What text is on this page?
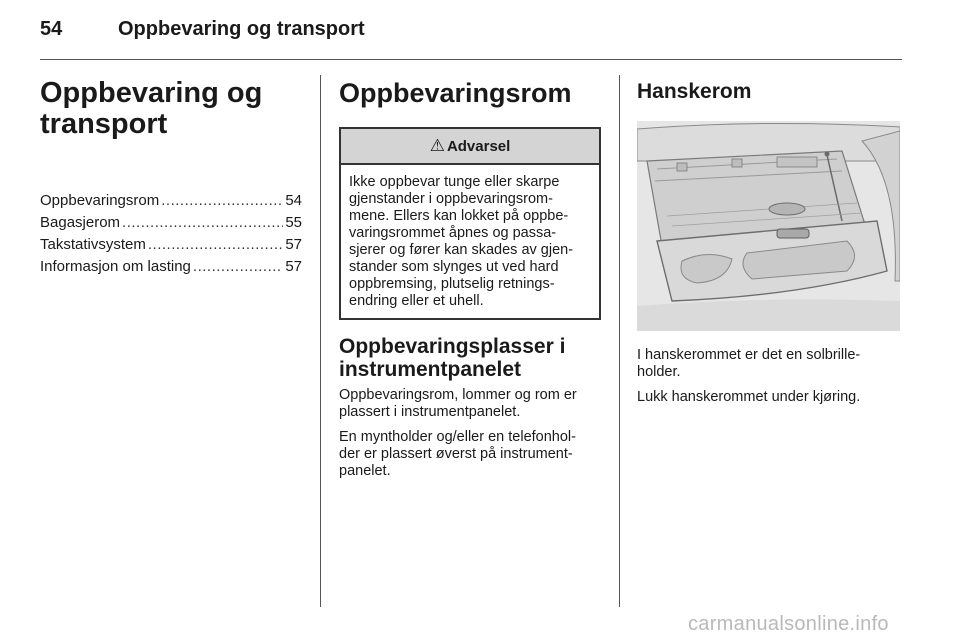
54	Oppbevaring og transport
Oppbevaring og
transport
Oppbevaringsrom .....	54
Bagasjerom .....	55
Takstativsystem .....	57
Informasjon om lasting .....	57
Oppbevaringsrom
⚠ Advarsel
Ikke oppbevar tunge eller skarpe
gjenstander i oppbevaringsrom-
mene. Ellers kan lokket på oppbe-
varingsrommet åpnes og passa-
sjerer og fører kan skades av gjen-
stander som slynges ut ved hard
oppbremsing, plutselig retnings-
endring eller et uhell.
Oppbevaringsplasser i
instrumentpanelet

Oppbevaringsrom, lommer og rom er
plassert i instrumentpanelet.

En myntholder og/eller en telefonhol-
der er plassert øverst på instrument-
panelet.

Hanskerom

I hanskerommet er det en solbrille-
holder.

Lukk hanskerommet under kjøring.

carmanualsonline.info
